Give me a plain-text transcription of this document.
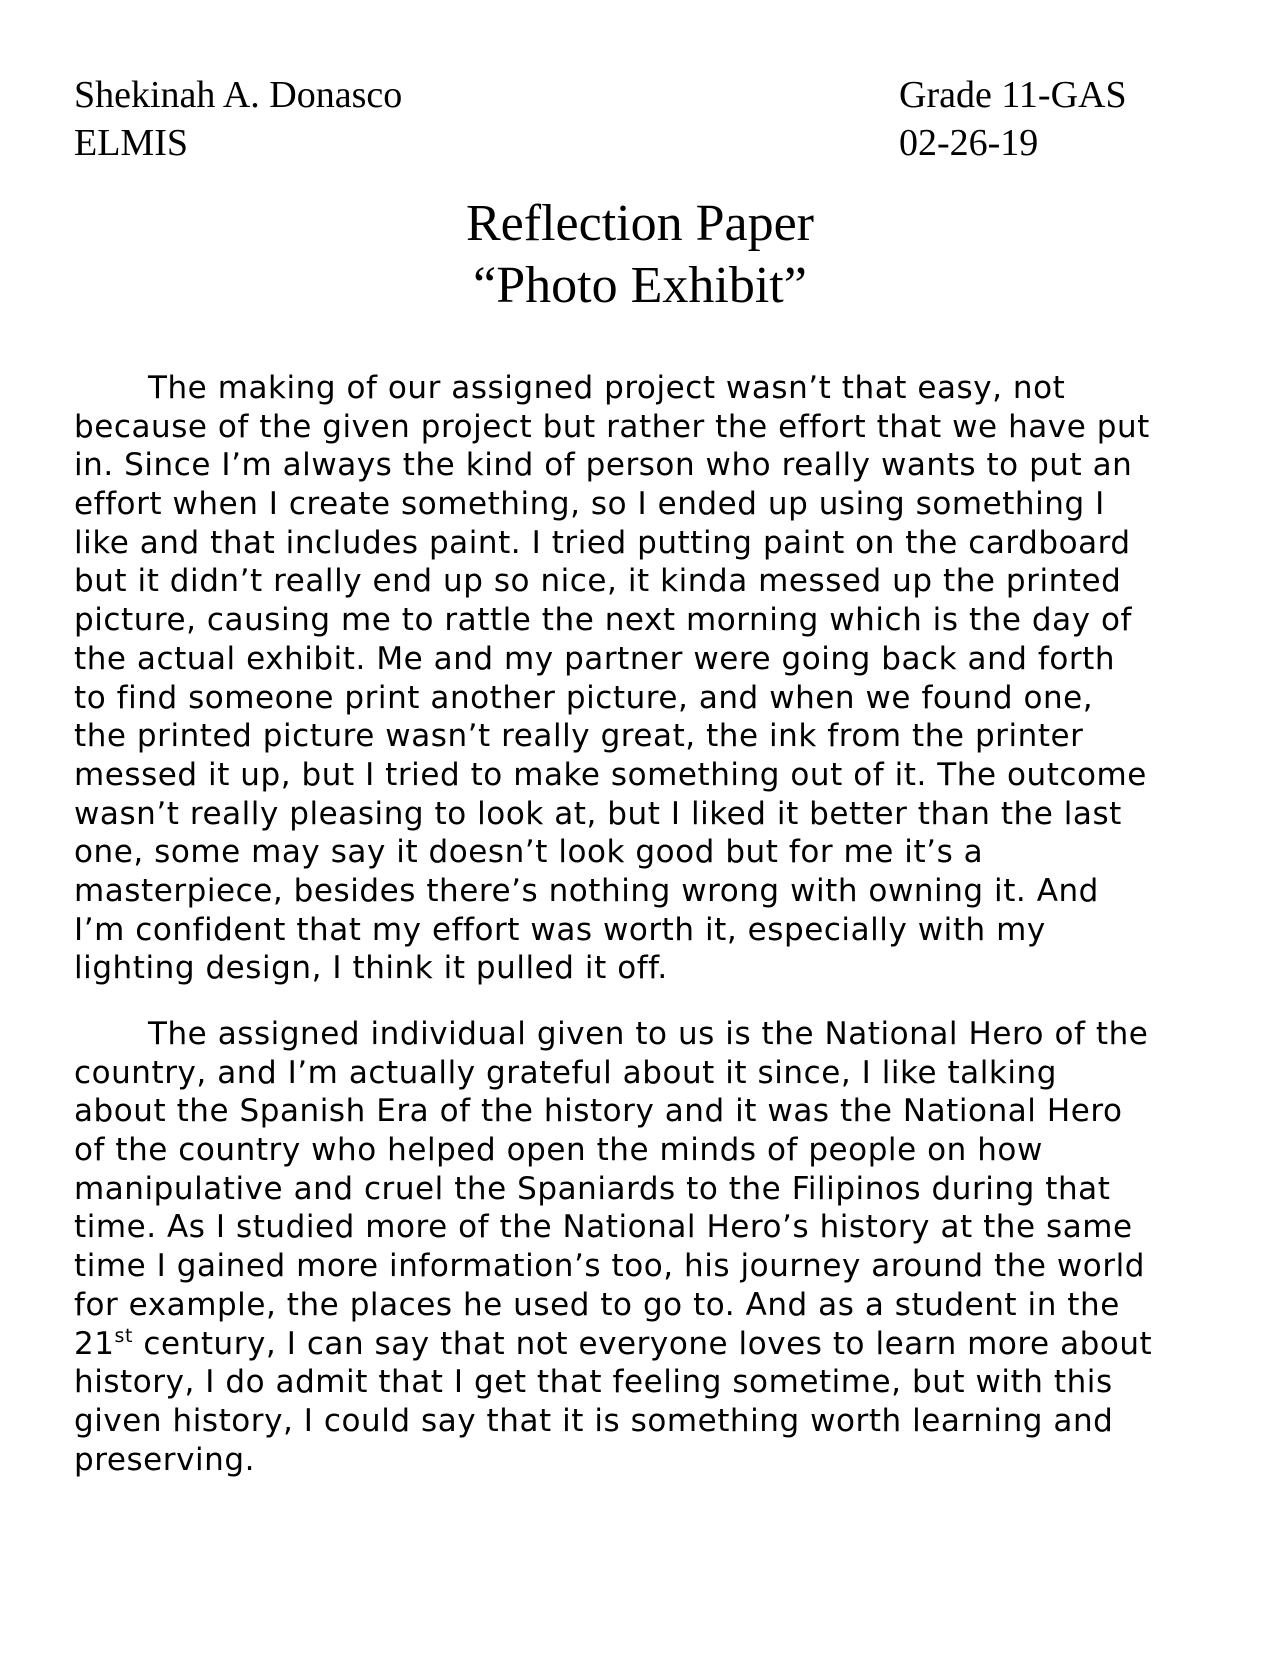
Shekinah A. Donasco	Grade 11-GAS
ELMIS	02-26-19
Reflection Paper
“Photo Exhibit”
The making of our assigned project wasn’t that easy, not
because of the given project but rather the effort that we have put
in. Since I’m always the kind of person who really wants to put an
effort when I create something, so I ended up using something I
like and that includes paint. I tried putting paint on the cardboard
but it didn’t really end up so nice, it kinda messed up the printed
picture, causing me to rattle the next morning which is the day of
the actual exhibit. Me and my partner were going back and forth
to find someone print another picture, and when we found one,
the printed picture wasn’t really great, the ink from the printer
messed it up, but I tried to make something out of it. The outcome
wasn’t really pleasing to look at, but I liked it better than the last
one, some may say it doesn’t look good but for me it’s a
masterpiece, besides there’s nothing wrong with owning it. And
I’m confident that my effort was worth it, especially with my
lighting design, I think it pulled it off.
The assigned individual given to us is the National Hero of the
country, and I’m actually grateful about it since, I like talking
about the Spanish Era of the history and it was the National Hero
of the country who helped open the minds of people on how
manipulative and cruel the Spaniards to the Filipinos during that
time. As I studied more of the National Hero’s history at the same
time I gained more information’s too, his journey around the world
for example, the places he used to go to. And as a student in the
21st century, I can say that not everyone loves to learn more about
history, I do admit that I get that feeling sometime, but with this
given history, I could say that it is something worth learning and
preserving.
